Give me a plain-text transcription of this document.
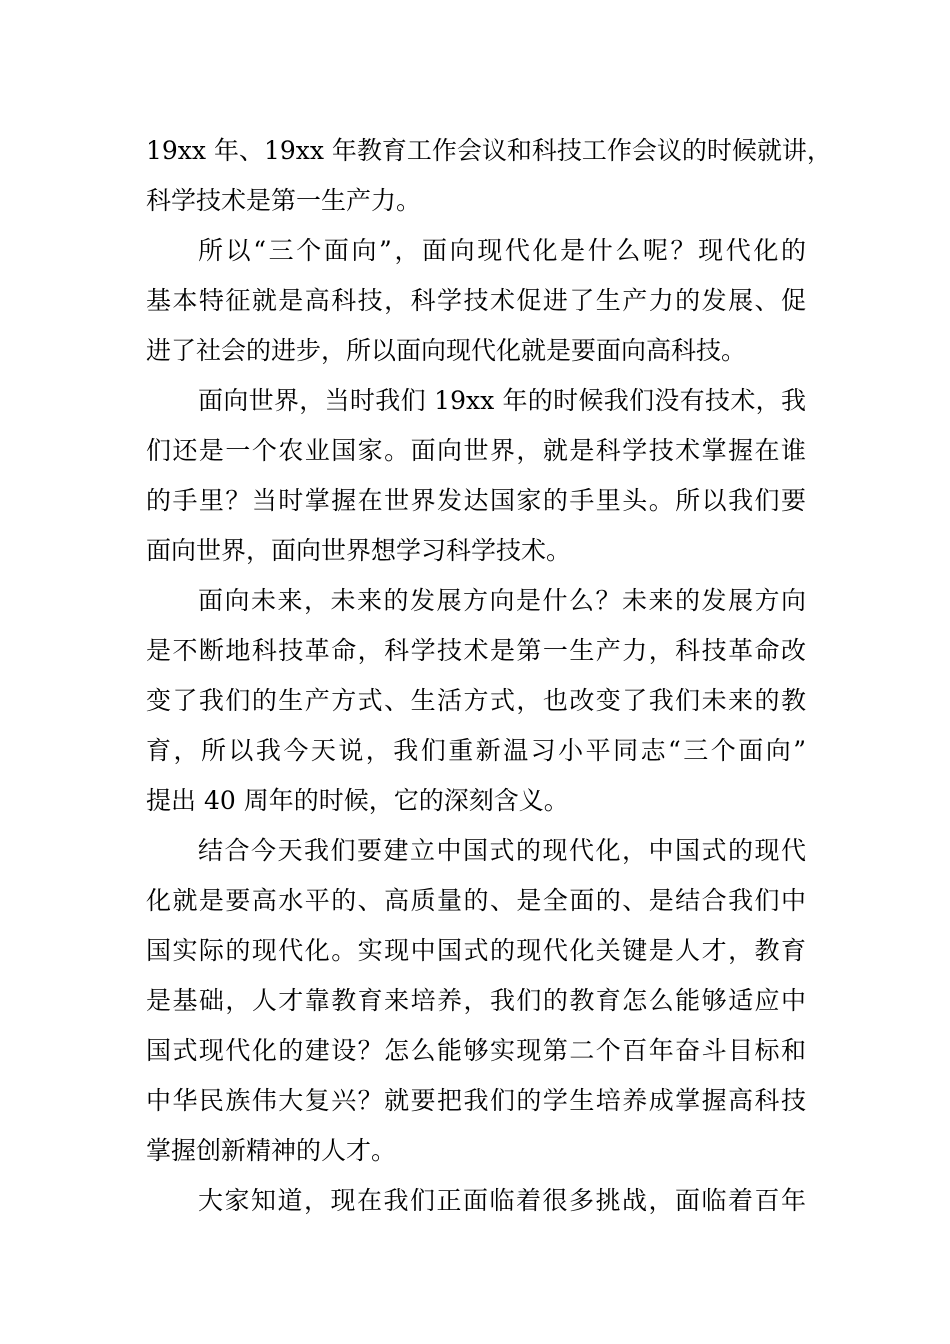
19xx 年、19xx 年教育工作会议和科技工作会议的时候就讲，
科学技术是第一生产力。
所以“三个面向”，面向现代化是什么呢？现代化的
基本特征就是高科技，科学技术促进了生产力的发展、促
进了社会的进步，所以面向现代化就是要面向高科技。
面向世界，当时我们 19xx 年的时候我们没有技术，我
们还是一个农业国家。面向世界，就是科学技术掌握在谁
的手里？当时掌握在世界发达国家的手里头。所以我们要
面向世界，面向世界想学习科学技术。
面向未来，未来的发展方向是什么？未来的发展方向
是不断地科技革命，科学技术是第一生产力，科技革命改
变了我们的生产方式、生活方式，也改变了我们未来的教
育，所以我今天说，我们重新温习小平同志“三个面向”
提出 40 周年的时候，它的深刻含义。
结合今天我们要建立中国式的现代化，中国式的现代
化就是要高水平的、高质量的、是全面的、是结合我们中
国实际的现代化。实现中国式的现代化关键是人才，教育
是基础，人才靠教育来培养，我们的教育怎么能够适应中
国式现代化的建设？怎么能够实现第二个百年奋斗目标和
中华民族伟大复兴？就要把我们的学生培养成掌握高科技
掌握创新精神的人才。
大家知道，现在我们正面临着很多挑战，面临着百年
